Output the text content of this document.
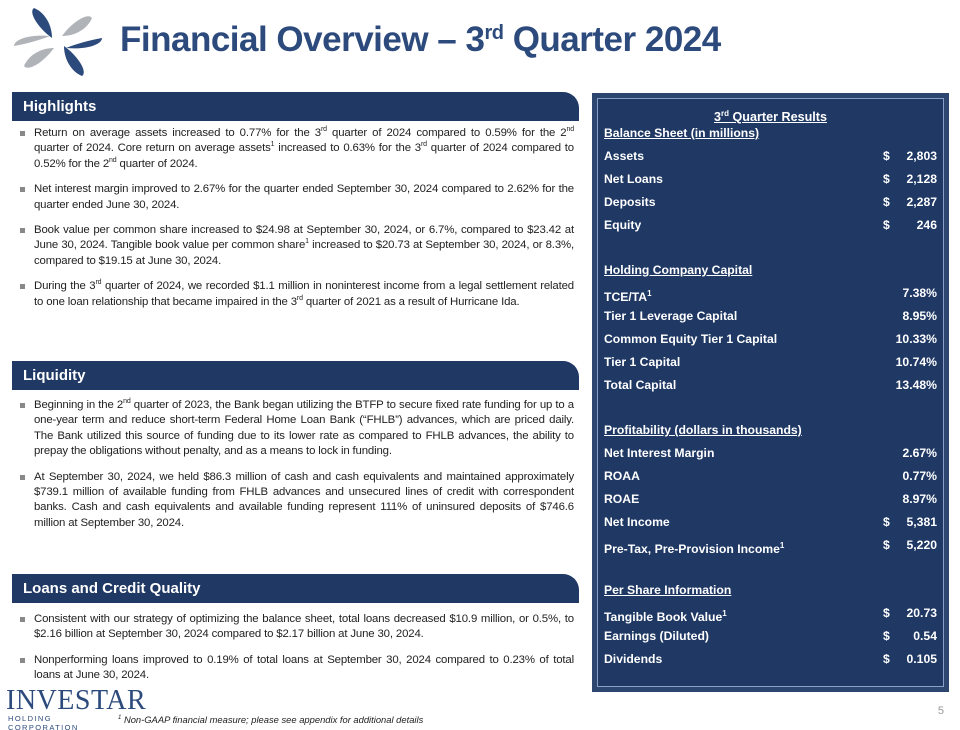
Financial Overview – 3rd Quarter 2024
Highlights
Return on average assets increased to 0.77% for the 3rd quarter of 2024 compared to 0.59% for the 2nd quarter of 2024. Core return on average assets$^1$ increased to 0.63% for the 3rd quarter of 2024 compared to 0.52% for the 2nd quarter of 2024.
Net interest margin improved to 2.67% for the quarter ended September 30, 2024 compared to 2.62% for the quarter ended June 30, 2024.
Book value per common share increased to $24.98 at September 30, 2024, or 6.7%, compared to $23.42 at June 30, 2024. Tangible book value per common share$^1$ increased to $20.73 at September 30, 2024, or 8.3%, compared to $19.15 at June 30, 2024.
During the 3rd quarter of 2024, we recorded $1.1 million in noninterest income from a legal settlement related to one loan relationship that became impaired in the 3rd quarter of 2021 as a result of Hurricane Ida.
Liquidity
Beginning in the 2nd quarter of 2023, the Bank began utilizing the BTFP to secure fixed rate funding for up to a one-year term and reduce short-term Federal Home Loan Bank (“FHLB”) advances, which are priced daily. The Bank utilized this source of funding due to its lower rate as compared to FHLB advances, the ability to prepay the obligations without penalty, and as a means to lock in funding.
At September 30, 2024, we held $86.3 million of cash and cash equivalents and maintained approximately $739.1 million of available funding from FHLB advances and unsecured lines of credit with correspondent banks. Cash and cash equivalents and available funding represent 111% of uninsured deposits of $746.6 million at September 30, 2024.
Loans and Credit Quality
Consistent with our strategy of optimizing the balance sheet, total loans decreased $10.9 million, or 0.5%, to $2.16 billion at September 30, 2024 compared to $2.17 billion at June 30, 2024.
Nonperforming loans improved to 0.19% of total loans at September 30, 2024 compared to 0.23% of total loans at June 30, 2024.
3rd Quarter Results
Balance Sheet (in millions)
Assets	$ 2,803
Net Loans	$ 2,128
Deposits	$ 2,287
Equity	$ 246
Holding Company Capital
TCE/$TA^1$	7.38%
Tier 1 Leverage Capital	8.95%
Common Equity Tier 1 Capital	10.33%
Tier 1 Capital	10.74%
Total Capital	13.48%
Profitability (dollars in thousands)
Net Interest Margin	2.67%
ROAA	0.77%
ROAE	8.97%
Net Income	$ 5,381
Pre-Tax, Pre-Provision Income$^1$	$ 5,220
Per Share Information
Tangible Book Value$^1$	$ 20.73
Earnings (Diluted)	$ 0.54
Dividends	$ 0.105
INVESTAR
HOLDING CORPORATION
$^1$ Non-GAAP financial measure; please see appendix for additional details
5
